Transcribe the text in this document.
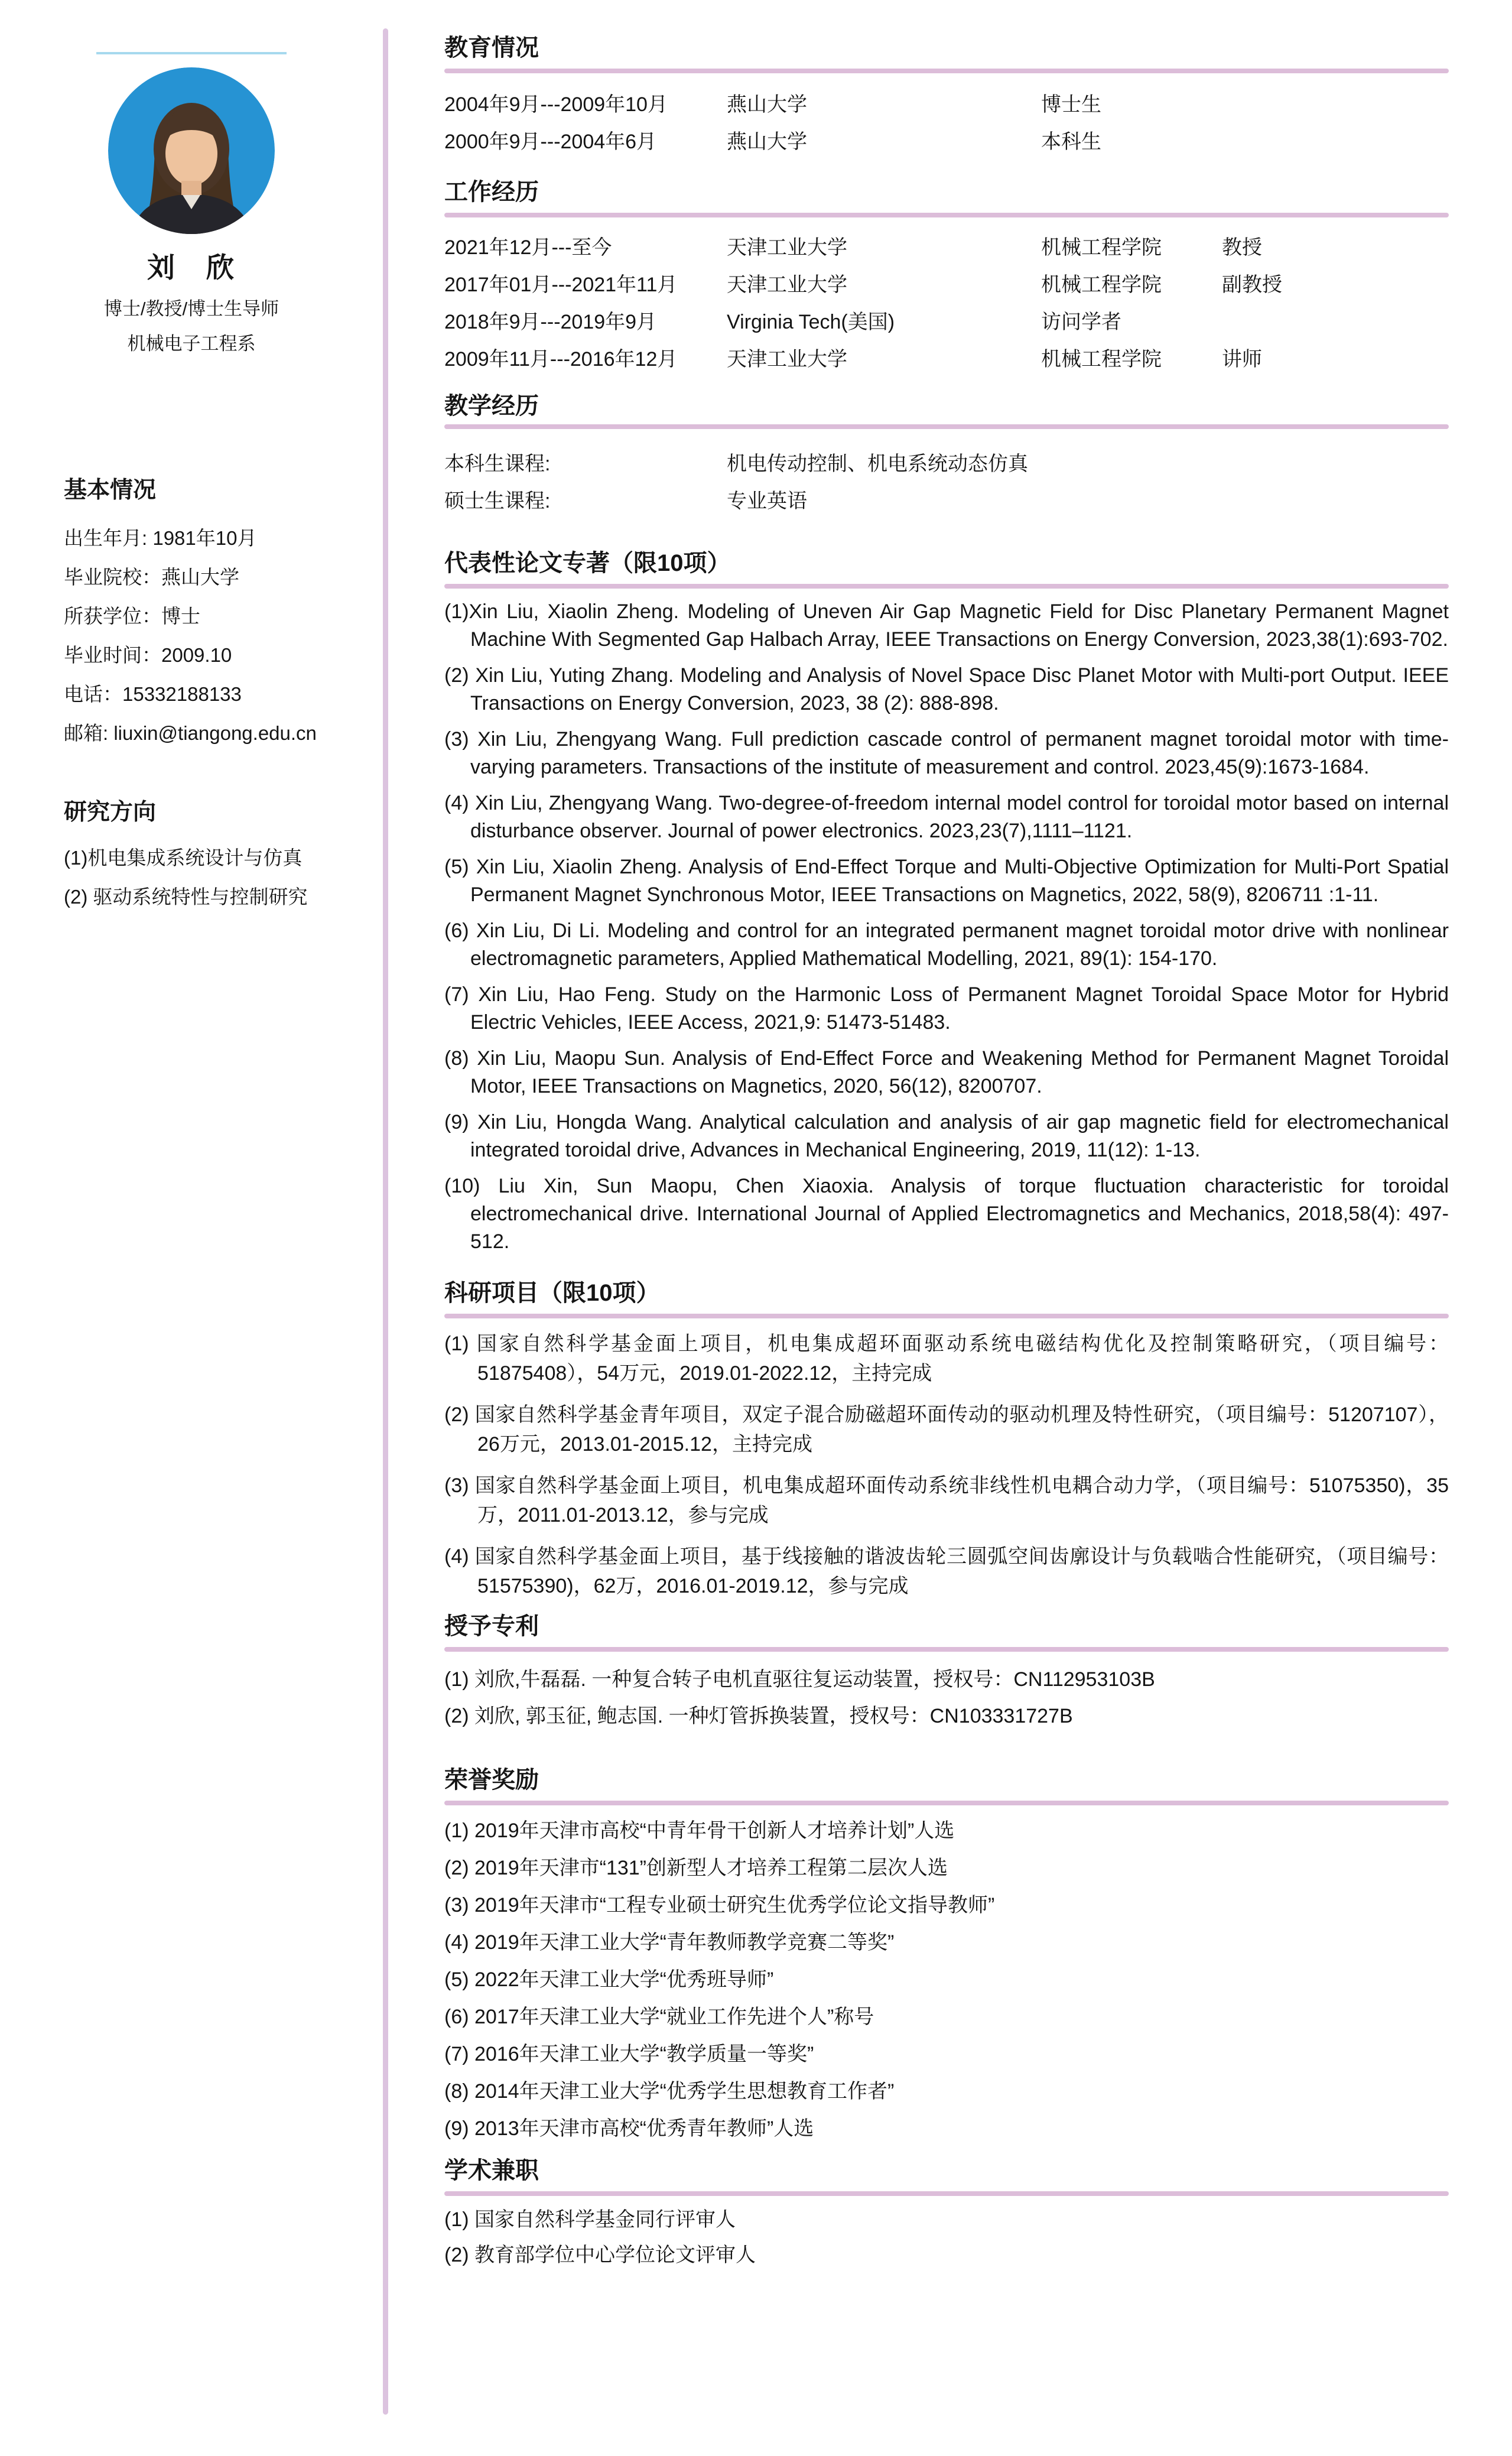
刘　欣
博士/教授/博士生导师
机械电子工程系
基本情况
出生年月: 1981年10月
毕业院校：燕山大学
所获学位：博士
毕业时间：2009.10
电话：15332188133
邮箱: liuxin@tiangong.edu.cn
研究方向
(1)机电集成系统设计与仿真
(2) 驱动系统特性与控制研究
教育情况
2004年9月---2009年10月	燕山大学	博士生
2000年9月---2004年6月	燕山大学	本科生
工作经历
2021年12月---至今	天津工业大学	机械工程学院	教授
2017年01月---2021年11月	天津工业大学	机械工程学院	副教授
2018年9月---2019年9月	Virginia Tech(美国)	访问学者
2009年11月---2016年12月	天津工业大学	机械工程学院	讲师
教学经历
本科生课程:	机电传动控制、机电系统动态仿真
硕士生课程:	专业英语
代表性论文专著（限10项）
(1)Xin Liu, Xiaolin Zheng. Modeling of Uneven Air Gap Magnetic Field for Disc Planetary Permanent Magnet Machine With Segmented Gap Halbach Array, IEEE Transactions on Energy Conversion, 2023,38(1):693-702.
(2) Xin Liu, Yuting Zhang. Modeling and Analysis of Novel Space Disc Planet Motor with Multi-port Output. IEEE Transactions on Energy Conversion, 2023, 38 (2): 888-898.
(3) Xin Liu, Zhengyang Wang. Full prediction cascade control of permanent magnet toroidal motor with time-varying parameters. Transactions of the institute of measurement and control. 2023,45(9):1673-1684.
(4) Xin Liu, Zhengyang Wang. Two-degree-of-freedom internal model control for toroidal motor based on internal disturbance observer. Journal of power electronics. 2023,23(7),1111–1121.
(5) Xin Liu, Xiaolin Zheng. Analysis of End-Effect Torque and Multi-Objective Optimization for Multi-Port Spatial Permanent Magnet Synchronous Motor, IEEE Transactions on Magnetics, 2022, 58(9), 8206711 :1-11.
(6) Xin Liu, Di Li. Modeling and control for an integrated permanent magnet toroidal motor drive with nonlinear electromagnetic parameters, Applied Mathematical Modelling, 2021, 89(1): 154-170.
(7) Xin Liu, Hao Feng. Study on the Harmonic Loss of Permanent Magnet Toroidal Space Motor for Hybrid Electric Vehicles, IEEE Access, 2021,9: 51473-51483.
(8) Xin Liu, Maopu Sun. Analysis of End-Effect Force and Weakening Method for Permanent Magnet Toroidal Motor, IEEE Transactions on Magnetics, 2020, 56(12), 8200707.
(9) Xin Liu, Hongda Wang. Analytical calculation and analysis of air gap magnetic field for electromechanical integrated toroidal drive, Advances in Mechanical Engineering, 2019, 11(12): 1-13.
(10) Liu Xin, Sun Maopu, Chen Xiaoxia. Analysis of torque fluctuation characteristic for toroidal electromechanical drive. International Journal of Applied Electromagnetics and Mechanics, 2018,58(4): 497-512.
科研项目（限10项）
(1) 国家自然科学基金面上项目，机电集成超环面驱动系统电磁结构优化及控制策略研究，（项目编号：51875408），54万元，2019.01-2022.12，主持完成
(2) 国家自然科学基金青年项目，双定子混合励磁超环面传动的驱动机理及特性研究，（项目编号：51207107），26万元，2013.01-2015.12，主持完成
(3) 国家自然科学基金面上项目，机电集成超环面传动系统非线性机电耦合动力学，（项目编号：51075350)，35万，2011.01-2013.12，参与完成
(4) 国家自然科学基金面上项目，基于线接触的谐波齿轮三圆弧空间齿廓设计与负载啮合性能研究，（项目编号：51575390)，62万，2016.01-2019.12，参与完成
授予专利
(1) 刘欣,牛磊磊. 一种复合转子电机直驱往复运动装置，授权号：CN112953103B
(2) 刘欣, 郭玉征, 鲍志国. 一种灯管拆换装置，授权号：CN103331727B
荣誉奖励
(1) 2019年天津市高校“中青年骨干创新人才培养计划”人选
(2) 2019年天津市“131”创新型人才培养工程第二层次人选
(3) 2019年天津市“工程专业硕士研究生优秀学位论文指导教师”
(4) 2019年天津工业大学“青年教师教学竞赛二等奖”
(5) 2022年天津工业大学“优秀班导师”
(6) 2017年天津工业大学“就业工作先进个人”称号
(7) 2016年天津工业大学“教学质量一等奖”
(8) 2014年天津工业大学“优秀学生思想教育工作者”
(9) 2013年天津市高校“优秀青年教师”人选
学术兼职
(1) 国家自然科学基金同行评审人
(2) 教育部学位中心学位论文评审人
